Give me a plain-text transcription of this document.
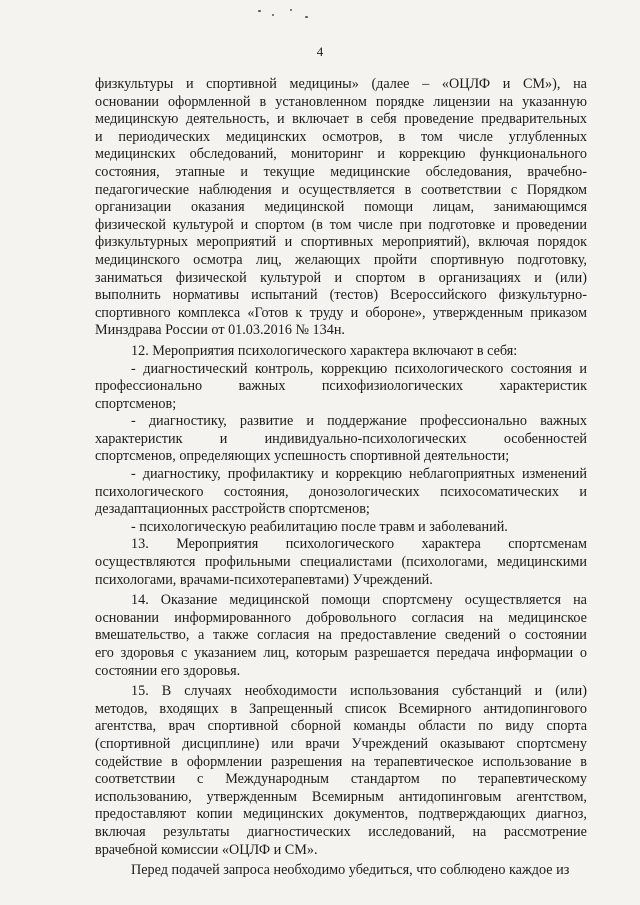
4
физкультуры и спортивной медицины» (далее – «ОЦЛФ и СМ»), на
основании оформленной в установленном порядке лицензии на указанную
медицинскую деятельность, и включает в себя проведение предварительных
и периодических медицинских осмотров, в том числе углубленных
медицинских обследований, мониторинг и коррекцию функционального
состояния, этапные и текущие медицинские обследования, врачебно-
педагогические наблюдения и осуществляется в соответствии с Порядком
организации оказания медицинской помощи лицам, занимающимся
физической культурой и спортом (в том числе при подготовке и проведении
физкультурных мероприятий и спортивных мероприятий), включая порядок
медицинского осмотра лиц, желающих пройти спортивную подготовку,
заниматься физической культурой и спортом в организациях и (или)
выполнить нормативы испытаний (тестов) Всероссийского физкультурно-
спортивного комплекса «Готов к труду и обороне», утвержденным приказом
Минздрава России от 01.03.2016 № 134н.
12. Мероприятия психологического характера включают в себя:
- диагностический контроль, коррекцию психологического состояния и
профессионально	важных	психофизиологических	характеристик
спортсменов;
- диагностику, развитие и поддержание профессионально важных
характеристик	и	индивидуально-психологических	особенностей
спортсменов, определяющих успешность спортивной деятельности;
- диагностику, профилактику и коррекцию неблагоприятных изменений
психологического состояния, донозологических психосоматических и
дезадаптационных расстройств спортсменов;
- психологическую реабилитацию после травм и заболеваний.
13. Мероприятия психологического характера спортсменам
осуществляются профильными специалистами (психологами, медицинскими
психологами, врачами-психотерапевтами) Учреждений.
14. Оказание медицинской помощи спортсмену осуществляется на
основании информированного добровольного согласия на медицинское
вмешательство, а также согласия на предоставление сведений о состоянии
его здоровья с указанием лиц, которым разрешается передача информации о
состоянии его здоровья.
15. В случаях необходимости использования субстанций и (или)
методов, входящих в Запрещенный список Всемирного антидопингового
агентства, врач спортивной сборной команды области по виду спорта
(спортивной дисциплине) или врачи Учреждений оказывают спортсмену
содействие в оформлении разрешения на терапевтическое использование в
соответствии с Международным стандартом по терапевтическому
использованию, утвержденным Всемирным антидопинговым агентством,
предоставляют копии медицинских документов, подтверждающих диагноз,
включая результаты диагностических исследований, на рассмотрение
врачебной комиссии «ОЦЛФ и СМ».
Перед подачей запроса необходимо убедиться, что соблюдено каждое из
